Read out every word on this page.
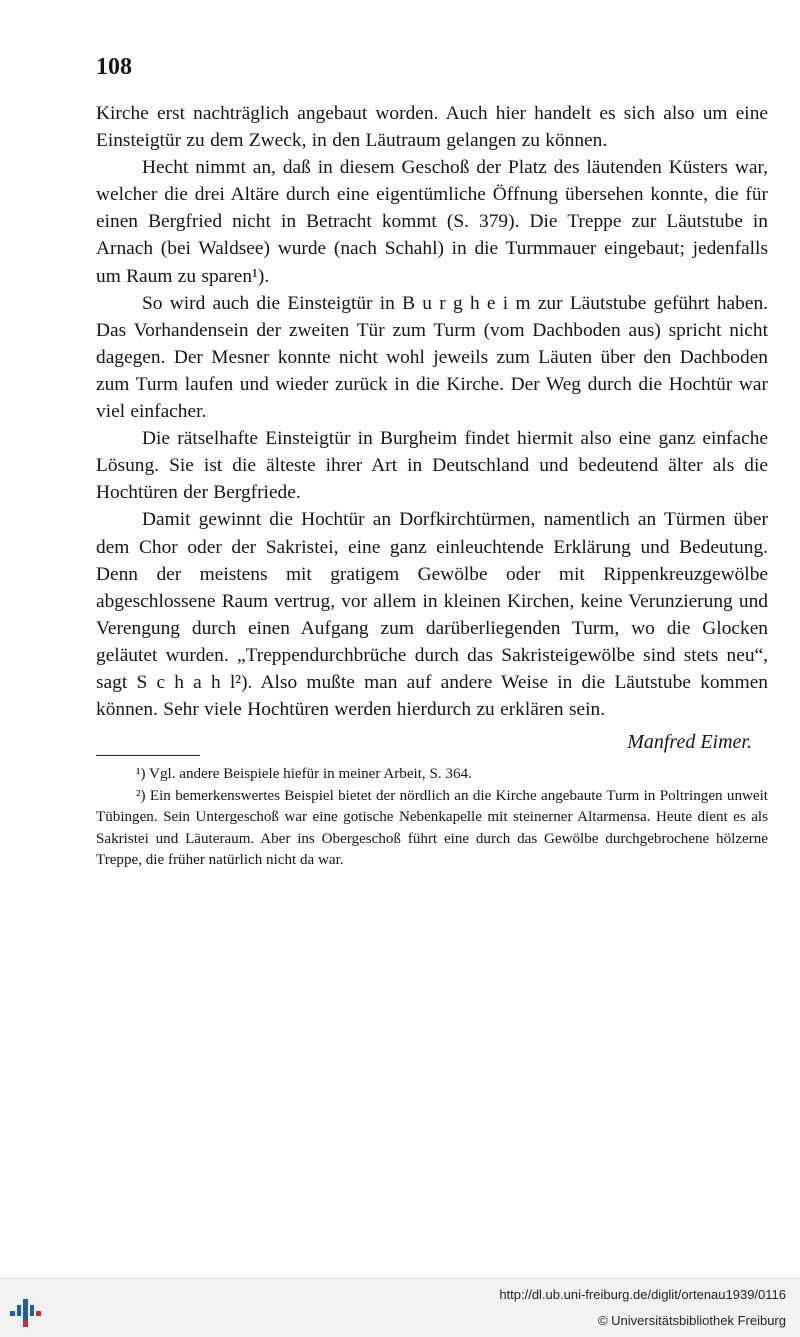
108

Kirche erst nachträglich angebaut worden. Auch hier handelt es sich also um eine Einsteigtür zu dem Zweck, in den Läutraum gelangen zu können.

Hecht nimmt an, daß in diesem Geschoß der Platz des läutenden Küsters war, welcher die drei Altäre durch eine eigentümliche Öffnung übersehen konnte, die für einen Bergfried nicht in Betracht kommt (S. 379). Die Treppe zur Läutstube in Arnach (bei Waldsee) wurde (nach Schahl) in die Turmmauer eingebaut; jedenfalls um Raum zu sparen¹).

So wird auch die Einsteigtür in B u r g h e i m zur Läutstube geführt haben. Das Vorhandensein der zweiten Tür zum Turm (vom Dachboden aus) spricht nicht dagegen. Der Mesner konnte nicht wohl jeweils zum Läuten über den Dachboden zum Turm laufen und wieder zurück in die Kirche. Der Weg durch die Hochtür war viel einfacher.

Die rätselhafte Einsteigtür in Burgheim findet hiermit also eine ganz einfache Lösung. Sie ist die älteste ihrer Art in Deutschland und bedeutend älter als die Hochtüren der Bergfriede.

Damit gewinnt die Hochtür an Dorfkirchtürmen, namentlich an Türmen über dem Chor oder der Sakristei, eine ganz einleuchtende Erklärung und Bedeutung. Denn der meistens mit gratigem Gewölbe oder mit Rippenkreuzgewölbe abgeschlossene Raum vertrug, vor allem in kleinen Kirchen, keine Verunzierung und Verengung durch einen Aufgang zum darüberliegenden Turm, wo die Glocken geläutet wurden. „Treppendurchbrüche durch das Sakristeigewölbe sind stets neu“, sagt S c h a h l²). Also mußte man auf andere Weise in die Läutstube kommen können. Sehr viele Hochtüren werden hierdurch zu erklären sein.

Manfred Eimer.

¹) Vgl. andere Beispiele hiefür in meiner Arbeit, S. 364.

²) Ein bemerkenswertes Beispiel bietet der nördlich an die Kirche angebaute Turm in Poltringen unweit Tübingen. Sein Untergeschoß war eine gotische Nebenkapelle mit steinerner Altarmensa. Heute dient es als Sakristei und Läuteraum. Aber ins Obergeschoß führt eine durch das Gewölbe durchgebrochene hölzerne Treppe, die früher natürlich nicht da war.

http://dl.ub.uni-freiburg.de/diglit/ortenau1939/0116
© Universitätsbibliothek Freiburg
